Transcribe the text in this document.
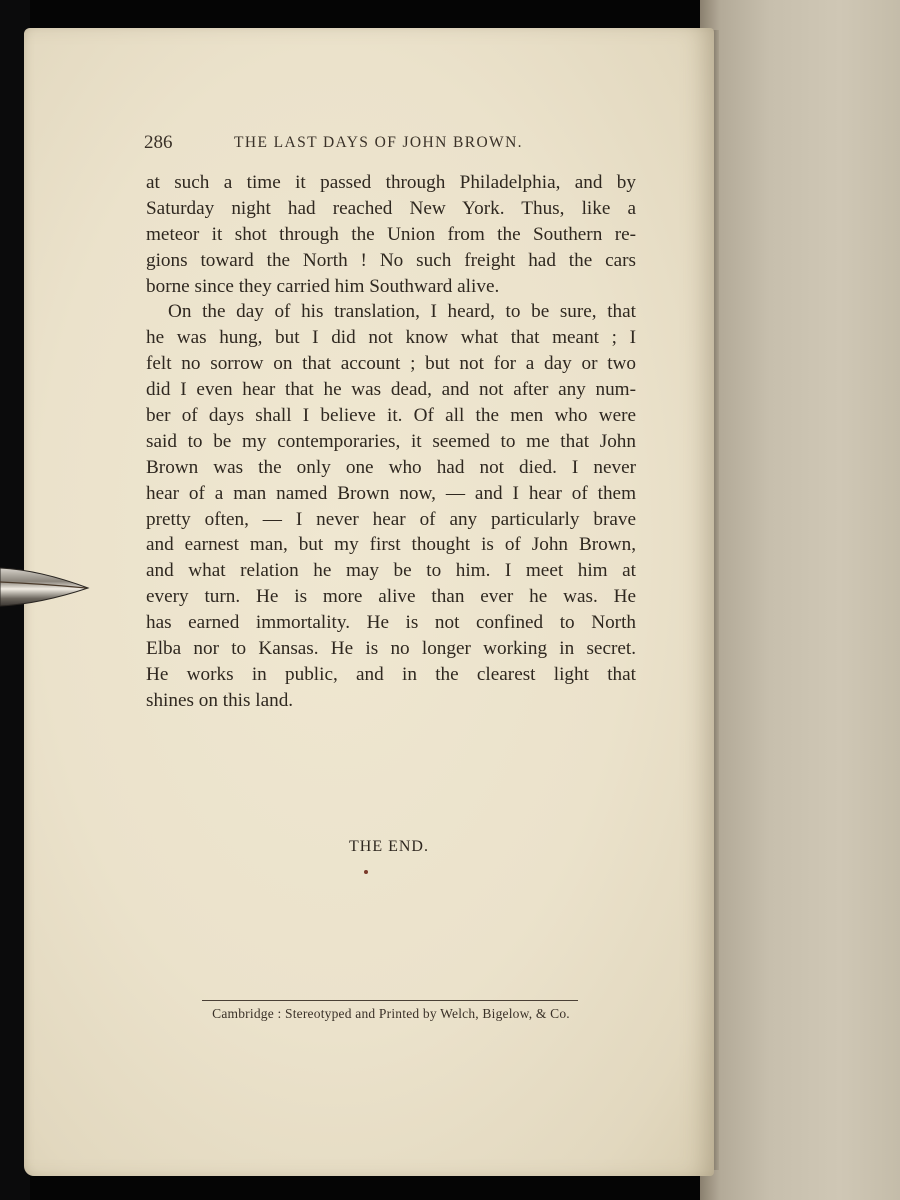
286	THE LAST DAYS OF JOHN BROWN.
at such a time it passed through Philadelphia, and by
Saturday night had reached New York. Thus, like a
meteor it shot through the Union from the Southern re-
gions toward the North ! No such freight had the cars
borne since they carried him Southward alive.
On the day of his translation, I heard, to be sure, that
he was hung, but I did not know what that meant ; I
felt no sorrow on that account ; but not for a day or two
did I even hear that he was dead, and not after any num-
ber of days shall I believe it. Of all the men who were
said to be my contemporaries, it seemed to me that John
Brown was the only one who had not died. I never
hear of a man named Brown now, — and I hear of them
pretty often, — I never hear of any particularly brave
and earnest man, but my first thought is of John Brown,
and what relation he may be to him. I meet him at
every turn. He is more alive than ever he was. He
has earned immortality. He is not confined to North
Elba nor to Kansas. He is no longer working in secret.
He works in public, and in the clearest light that
shines on this land.
THE END.
Cambridge : Stereotyped and Printed by Welch, Bigelow, & Co.
